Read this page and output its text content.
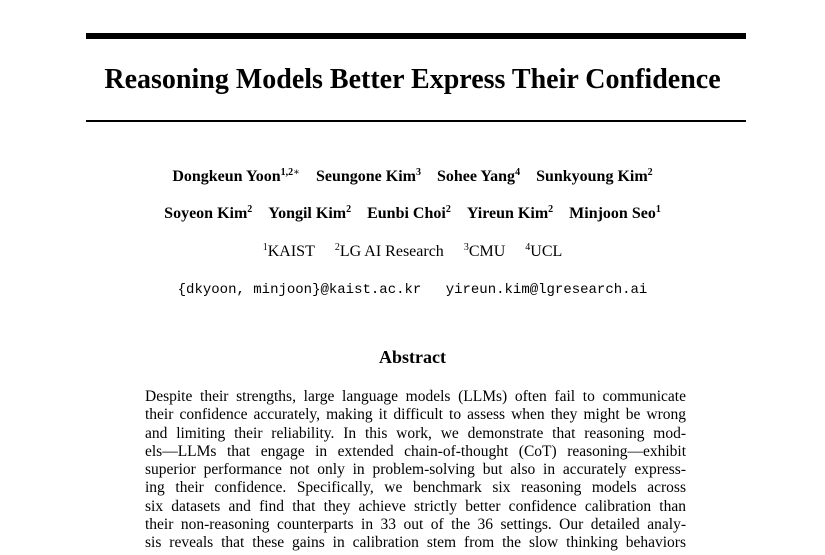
Reasoning Models Better Express Their Confidence
Dongkeun Yoon$^{1,2∗}$ Seungone Kim$^3$ Sohee Yang$^4$ Sunkyoung Kim$^2$
Soyeon Kim$^2$ Yongil Kim$^2$ Eunbi Choi$^2$ Yireun Kim$^2$ Minjoon Seo$^1$
$^1$KAIST $^2$LG AI Research $^3$CMU $^4$UCL
{dkyoon, minjoon}@kaist.ac.kr yireun.kim@lgresearch.ai
Abstract
Despite their strengths, large language models (LLMs) often fail to communicate
their confidence accurately, making it difficult to assess when they might be wrong
and limiting their reliability. In this work, we demonstrate that reasoning mod-
els—LLMs that engage in extended chain-of-thought (CoT) reasoning—exhibit
superior performance not only in problem-solving but also in accurately express-
ing their confidence. Specifically, we benchmark six reasoning models across
six datasets and find that they achieve strictly better confidence calibration than
their non-reasoning counterparts in 33 out of the 36 settings. Our detailed analy-
sis reveals that these gains in calibration stem from the slow thinking behaviors
